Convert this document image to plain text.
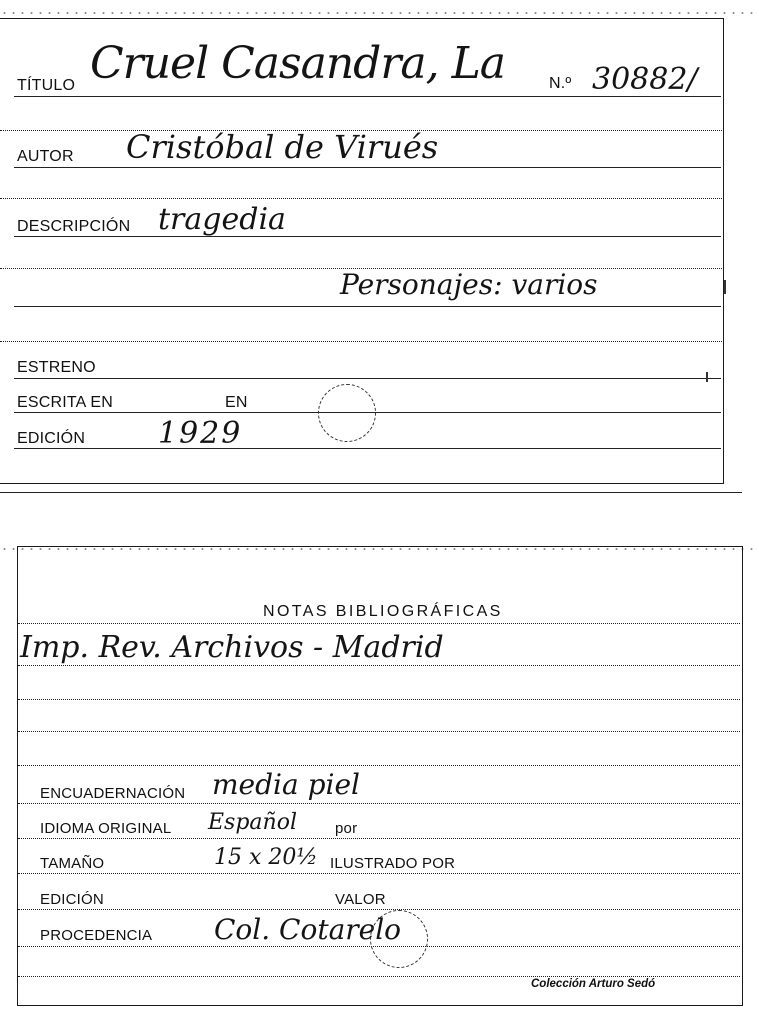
TÍTULO Cruel Casandra, La	N.º 30882/
AUTOR Cristóbal de Virués
DESCRIPCIÓN tragedia
Personajes: varios
ESTRENO
ESCRITA EN	EN
EDICIÓN 1929
NOTAS BIBLIOGRÁFICAS
Imp. Rev. Archivos - Madrid
ENCUADERNACIÓN media piel
IDIOMA ORIGINAL Español	por
TAMAÑO	15 x 20½ ILUSTRADO POR
EDICIÓN	VALOR
PROCEDENCIA Col. Cotarelo
Colección Arturo Sedó
